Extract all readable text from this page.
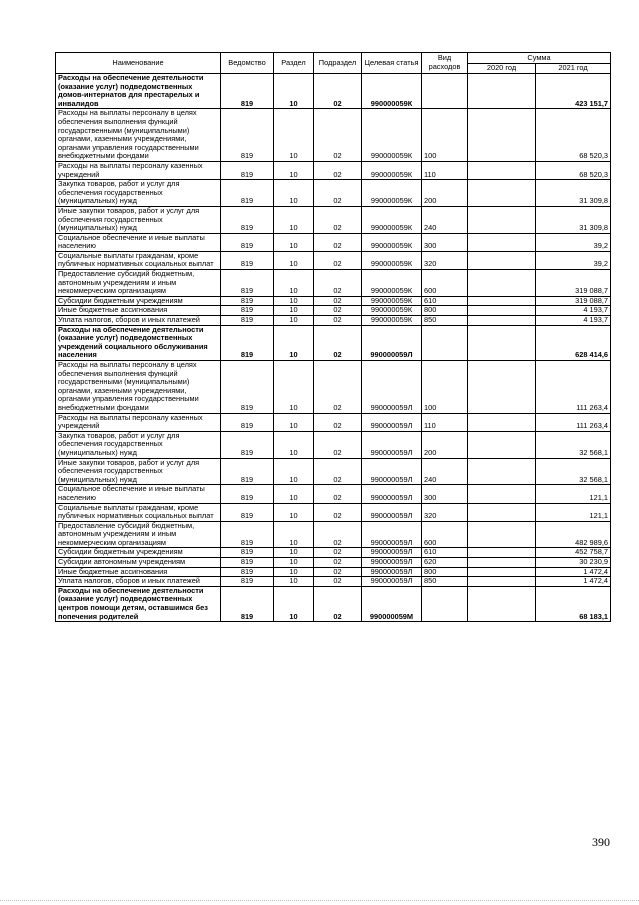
Наименование	Ведомство	Раздел	Подраздел	Целевая статья	Вид расходов	Сумма	
						2020 год	2021 год
Расходы на обеспечение деятельности (оказание услуг) подведомственных домов-интернатов для престарелых и инвалидов	819	10	02	990000059К			423 151,7
Расходы на выплаты персоналу в целях обеспечения выполнения функций государственными (муниципальными) органами, казенными учреждениями, органами управления государственными внебюджетными фондами	819	10	02	990000059К	100		68 520,3
Расходы на выплаты персоналу казенных учреждений	819	10	02	990000059К	110		68 520,3
Закупка товаров, работ и услуг для обеспечения государственных (муниципальных) нужд	819	10	02	990000059К	200		31 309,8
Иные закупки товаров, работ и услуг для обеспечения государственных (муниципальных) нужд	819	10	02	990000059К	240		31 309,8
Социальное обеспечение и иные выплаты населению	819	10	02	990000059К	300		39,2
Социальные выплаты гражданам, кроме публичных нормативных социальных выплат	819	10	02	990000059К	320		39,2
Предоставление субсидий бюджетным, автономным учреждениям и иным некоммерческим организациям	819	10	02	990000059К	600		319 088,7
Субсидии бюджетным учреждениям	819	10	02	990000059К	610		319 088,7
Иные бюджетные ассигнования	819	10	02	990000059К	800		4 193,7
Уплата налогов, сборов и иных платежей	819	10	02	990000059К	850		4 193,7
Расходы на обеспечение деятельности (оказание услуг) подведомственных учреждений социального обслуживания населения	819	10	02	990000059Л			628 414,6
Расходы на выплаты персоналу в целях обеспечения выполнения функций государственными (муниципальными) органами, казенными учреждениями, органами управления государственными внебюджетными фондами	819	10	02	990000059Л	100		111 263,4
Расходы на выплаты персоналу казенных учреждений	819	10	02	990000059Л	110		111 263,4
Закупка товаров, работ и услуг для обеспечения государственных (муниципальных) нужд	819	10	02	990000059Л	200		32 568,1
Иные закупки товаров, работ и услуг для обеспечения государственных (муниципальных) нужд	819	10	02	990000059Л	240		32 568,1
Социальное обеспечение и иные выплаты населению	819	10	02	990000059Л	300		121,1
Социальные выплаты гражданам, кроме публичных нормативных социальных выплат	819	10	02	990000059Л	320		121,1
Предоставление субсидий бюджетным, автономным учреждениям и иным некоммерческим организациям	819	10	02	990000059Л	600		482 989,6
Субсидии бюджетным учреждениям	819	10	02	990000059Л	610		452 758,7
Субсидии автономным учреждениям	819	10	02	990000059Л	620		30 230,9
Иные бюджетные ассигнования	819	10	02	990000059Л	800		1 472,4
Уплата налогов, сборов и иных платежей	819	10	02	990000059Л	850		1 472,4
Расходы на обеспечение деятельности (оказание услуг) подведомственных центров помощи детям, оставшимся без попечения родителей	819	10	02	990000059М			68 183,1
390
